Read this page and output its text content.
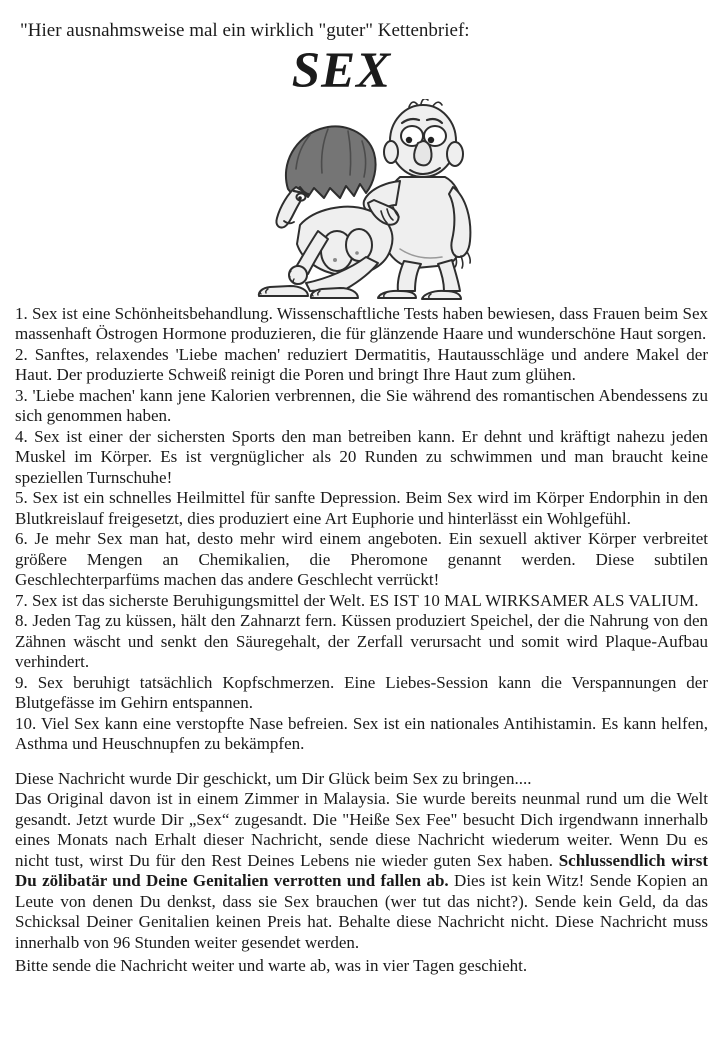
"Hier ausnahmsweise mal ein wirklich "guter" Kettenbrief:

SEX

1. Sex ist eine Schönheitsbehandlung. Wissenschaftliche Tests haben bewiesen, dass Frauen beim Sex massenhaft Östrogen Hormone produzieren, die für glänzende Haare und wunderschöne Haut sorgen.

2. Sanftes, relaxendes 'Liebe machen' reduziert Dermatitis, Hautausschläge und andere Makel der Haut. Der produzierte Schweiß reinigt die Poren und bringt Ihre Haut zum glühen.

3. 'Liebe machen' kann jene Kalorien verbrennen, die Sie während des romantischen Abendessens zu sich genommen haben.

4. Sex ist einer der sichersten Sports den man betreiben kann. Er dehnt und kräftigt nahezu jeden Muskel im Körper. Es ist vergnüglicher als 20 Runden zu schwimmen und man braucht keine speziellen Turnschuhe!

5. Sex ist ein schnelles Heilmittel für sanfte Depression. Beim Sex wird im Körper Endorphin in den Blutkreislauf freigesetzt, dies produziert eine Art Euphorie und hinterlässt ein Wohlgefühl.

6. Je mehr Sex man hat, desto mehr wird einem angeboten. Ein sexuell aktiver Körper verbreitet größere Mengen an Chemikalien, die Pheromone genannt werden. Diese subtilen Geschlechterparfüms machen das andere Geschlecht verrückt!

7. Sex ist das sicherste Beruhigungsmittel der Welt. ES IST 10 MAL WIRKSAMER ALS VALIUM.

8. Jeden Tag zu küssen, hält den Zahnarzt fern. Küssen produziert Speichel, der die Nahrung von den Zähnen wäscht und senkt den Säuregehalt, der Zerfall verursacht und somit wird Plaque-Aufbau verhindert.

9. Sex beruhigt tatsächlich Kopfschmerzen. Eine Liebes-Session kann die Verspannungen der Blutgefässe im Gehirn entspannen.

10. Viel Sex kann eine verstopfte Nase befreien. Sex ist ein nationales Antihistamin. Es kann helfen, Asthma und Heuschnupfen zu bekämpfen.

Diese Nachricht wurde Dir geschickt, um Dir Glück beim Sex zu bringen....

Das Original davon ist in einem Zimmer in Malaysia. Sie wurde bereits neunmal rund um die Welt gesandt. Jetzt wurde Dir „Sex“ zugesandt. Die "Heiße Sex Fee" besucht Dich irgendwann innerhalb eines Monats nach Erhalt dieser Nachricht, sende diese Nachricht wiederum weiter. Wenn Du es nicht tust, wirst Du für den Rest Deines Lebens nie wieder guten Sex haben. Schlussendlich wirst Du zölibatär und Deine Genitalien verrotten und fallen ab. Dies ist kein Witz! Sende Kopien an Leute von denen Du denkst, dass sie Sex brauchen (wer tut das nicht?). Sende kein Geld, da das Schicksal Deiner Genitalien keinen Preis hat. Behalte diese Nachricht nicht. Diese Nachricht muss innerhalb von 96 Stunden weiter gesendet werden.

Bitte sende die Nachricht weiter und warte ab, was in vier Tagen geschieht.
